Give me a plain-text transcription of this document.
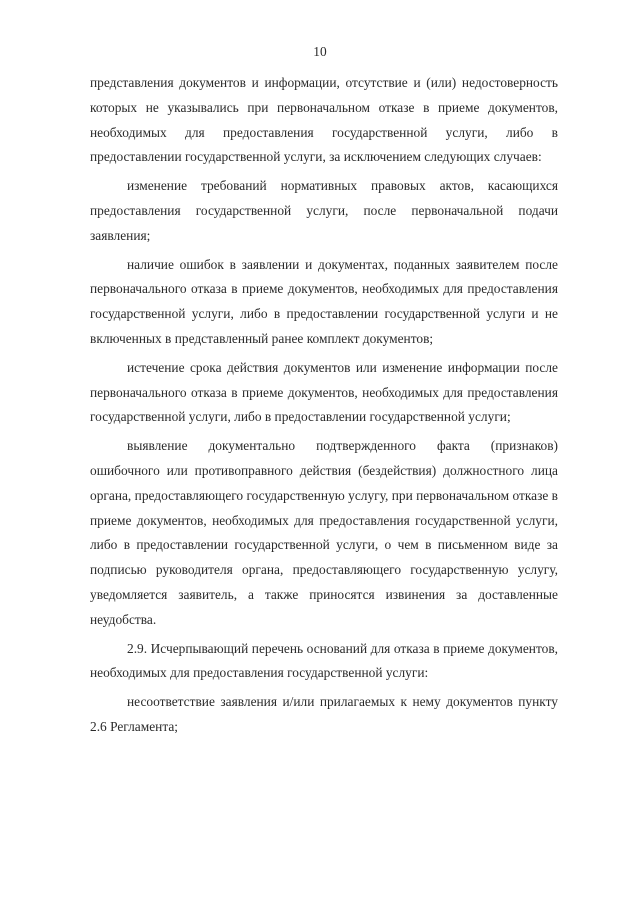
10

представления документов и информации, отсутствие и (или) недостоверность которых не указывались при первоначальном отказе в приеме документов, необходимых для предоставления государственной услуги, либо в предоставлении государственной услуги, за исключением следующих случаев:

изменение требований нормативных правовых актов, касающихся предоставления государственной услуги, после первоначальной подачи заявления;

наличие ошибок в заявлении и документах, поданных заявителем после первоначального отказа в приеме документов, необходимых для предоставления государственной услуги, либо в предоставлении государственной услуги и не включенных в представленный ранее комплект документов;

истечение срока действия документов или изменение информации после первоначального отказа в приеме документов, необходимых для предоставления государственной услуги, либо в предоставлении государственной услуги;

выявление документально подтвержденного факта (признаков) ошибочного или противоправного действия (бездействия) должностного лица органа, предоставляющего государственную услугу, при первоначальном отказе в приеме документов, необходимых для предоставления государственной услуги, либо в предоставлении государственной услуги, о чем в письменном виде за подписью руководителя органа, предоставляющего государственную услугу, уведомляется заявитель, а также приносятся извинения за доставленные неудобства.

2.9. Исчерпывающий перечень оснований для отказа в приеме документов, необходимых для предоставления государственной услуги:

несоответствие заявления и/или прилагаемых к нему документов пункту 2.6 Регламента;
